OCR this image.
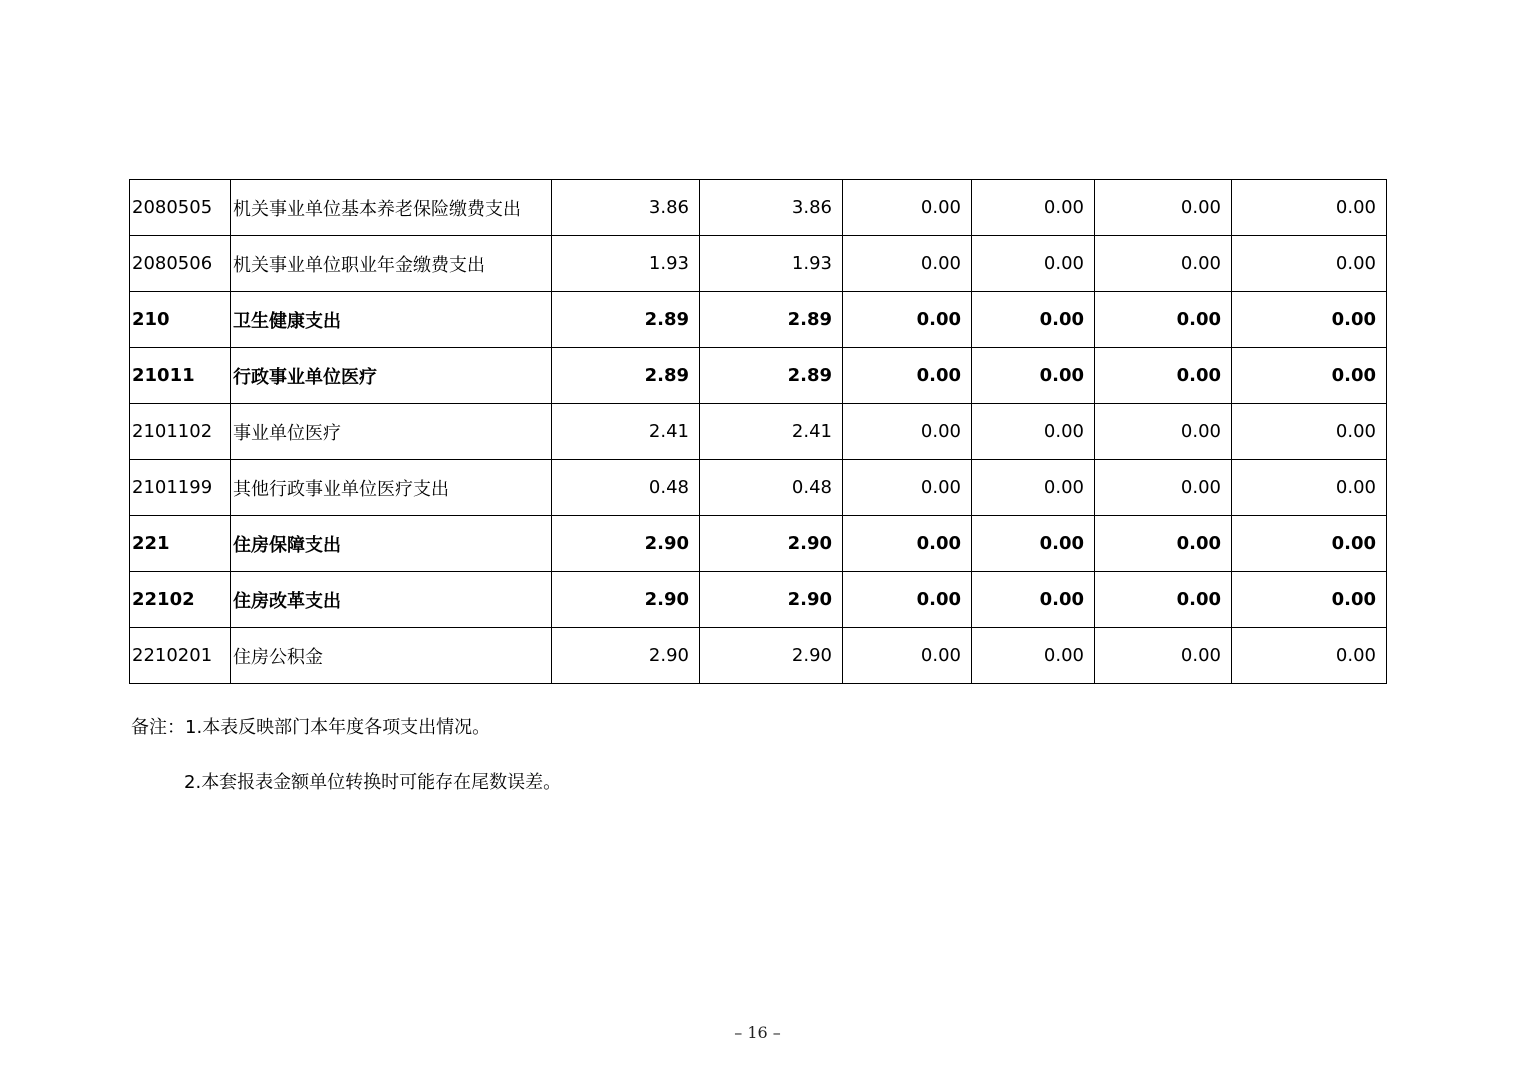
2080505	机关事业单位基本养老保险缴费支出	3.86	3.86	0.00	0.00	0.00	0.00
2080506	机关事业单位职业年金缴费支出	1.93	1.93	0.00	0.00	0.00	0.00
210	卫生健康支出	2.89	2.89	0.00	0.00	0.00	0.00
21011	行政事业单位医疗	2.89	2.89	0.00	0.00	0.00	0.00
2101102	事业单位医疗	2.41	2.41	0.00	0.00	0.00	0.00
2101199	其他行政事业单位医疗支出	0.48	0.48	0.00	0.00	0.00	0.00
221	住房保障支出	2.90	2.90	0.00	0.00	0.00	0.00
22102	住房改革支出	2.90	2.90	0.00	0.00	0.00	0.00
2210201	住房公积金	2.90	2.90	0.00	0.00	0.00	0.00
备注：1.本表反映部门本年度各项支出情况。
2.本套报表金额单位转换时可能存在尾数误差。
– 16 –
